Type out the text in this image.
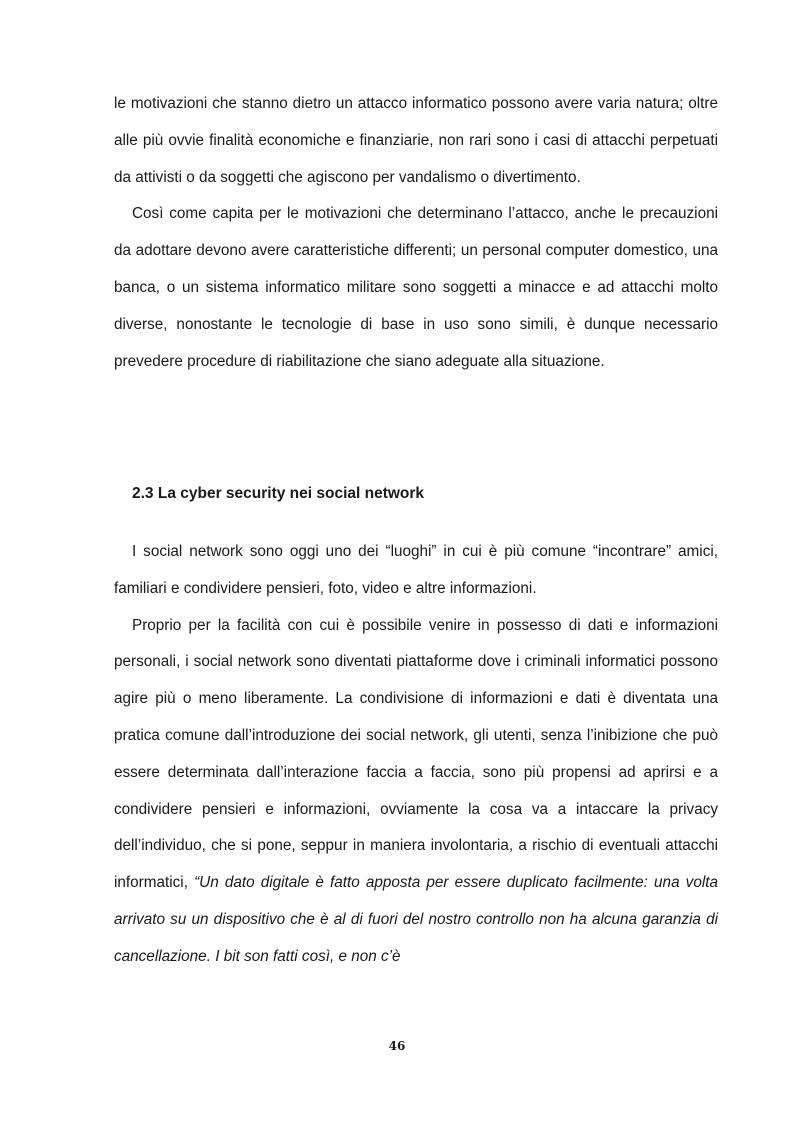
le motivazioni che stanno dietro un attacco informatico possono avere varia natura; oltre alle più ovvie finalità economiche e finanziarie, non rari sono i casi di attacchi perpetuati da attivisti o da soggetti che agiscono per vandalismo o divertimento.

Così come capita per le motivazioni che determinano l’attacco, anche le precauzioni da adottare devono avere caratteristiche differenti; un personal computer domestico, una banca, o un sistema informatico militare sono soggetti a minacce e ad attacchi molto diverse, nonostante le tecnologie di base in uso sono simili, è dunque necessario prevedere procedure di riabilitazione che siano adeguate alla situazione.

2.3 La cyber security nei social network

I social network sono oggi uno dei “luoghi” in cui è più comune “incontrare” amici, familiari e condividere pensieri, foto, video e altre informazioni.

Proprio per la facilità con cui è possibile venire in possesso di dati e informazioni personali, i social network sono diventati piattaforme dove i criminali informatici possono agire più o meno liberamente. La condivisione di informazioni e dati è diventata una pratica comune dall’introduzione dei social network, gli utenti, senza l’inibizione che può essere determinata dall’interazione faccia a faccia, sono più propensi ad aprirsi e a condividere pensieri e informazioni, ovviamente la cosa va a intaccare la privacy dell’individuo, che si pone, seppur in maniera involontaria, a rischio di eventuali attacchi informatici, “Un dato digitale è fatto apposta per essere duplicato facilmente: una volta arrivato su un dispositivo che è al di fuori del nostro controllo non ha alcuna garanzia di cancellazione. I bit son fatti così, e non c’è

46
